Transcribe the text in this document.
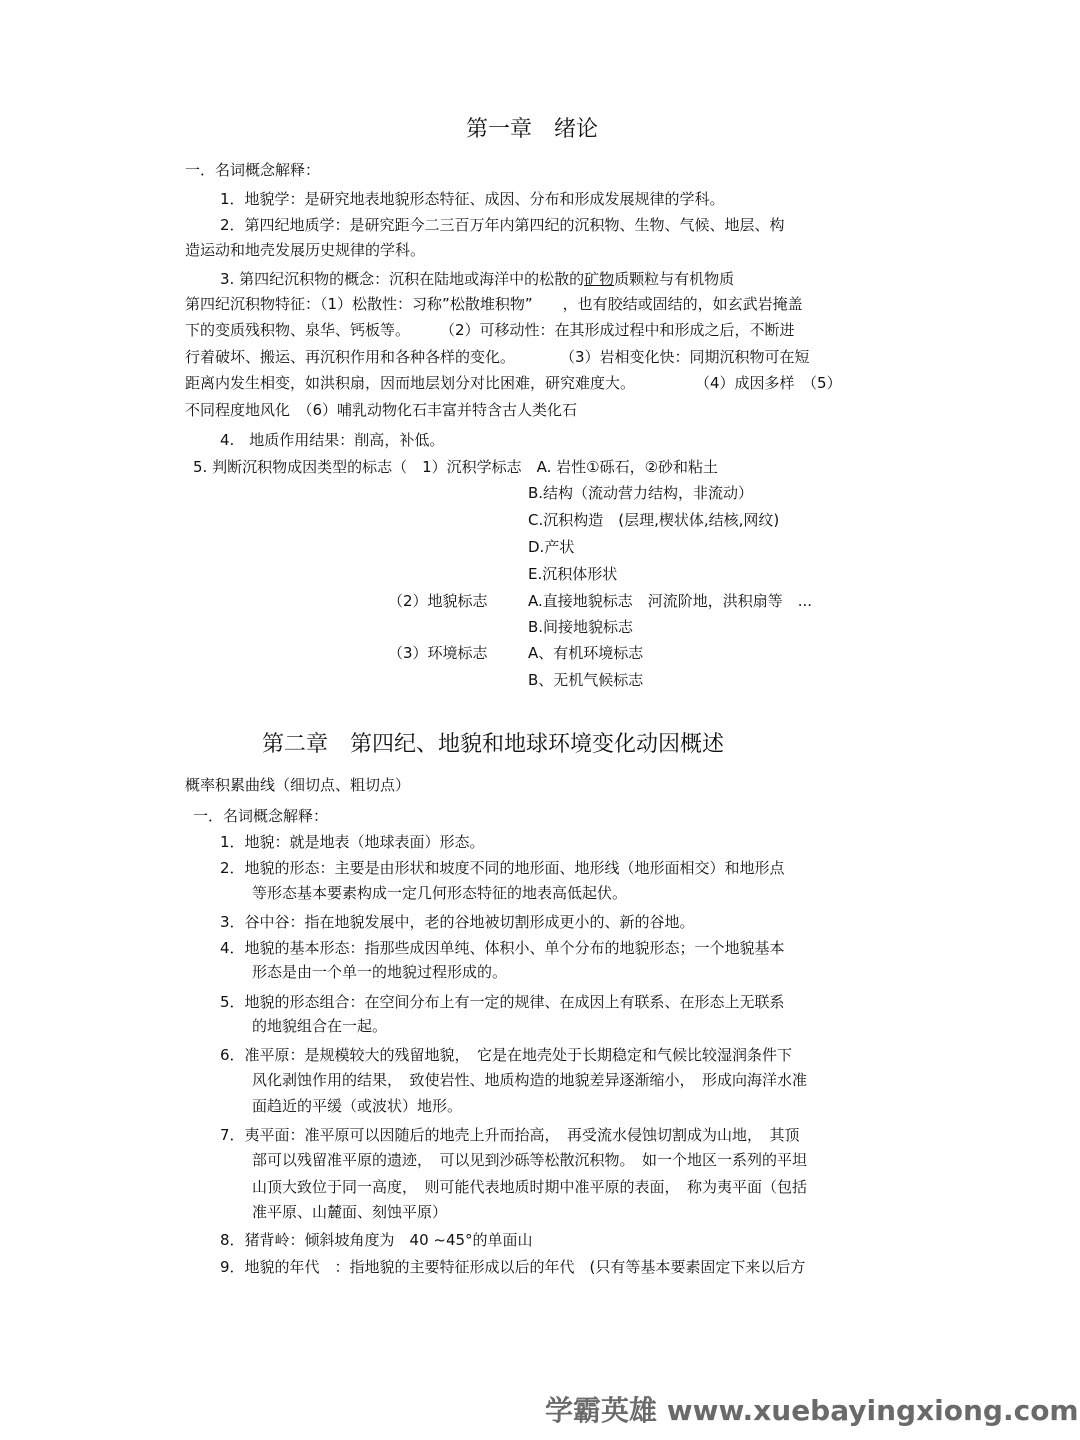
第一章　绪论
一．名词概念解释：
1．地貌学：是研究地表地貌形态特征、成因、分布和形成发展规律的学科。
2．第四纪地质学：是研究距今二三百万年内第四纪的沉积物、生物、气候、地层、构
造运动和地壳发展历史规律的学科。
3. 第四纪沉积物的概念：沉积在陆地或海洋中的松散的矿物质颗粒与有机物质
第四纪沉积物特征：（1）松散性：习称”松散堆积物”　　，也有胶结或固结的，如玄武岩掩盖
下的变质残积物、泉华、钙板等。　　　（2）可移动性：在其形成过程中和形成之后，不断进
行着破坏、搬运、再沉积作用和各种各样的变化。　　　　（3）岩相变化快：同期沉积物可在短
距离内发生相变，如洪积扇，因而地层划分对比困难，研究难度大。　　　　　（4）成因多样　（5）
不同程度地风化　（6）哺乳动物化石丰富并特含古人类化石
4.　地质作用结果：削高，补低。
5. 判断沉积物成因类型的标志（　1）沉积学标志　A. 岩性①砾石，②砂和粘土
B.结构（流动营力结构，非流动）
C.沉积构造　(层理,楔状体,结核,网纹)
D.产状
E.沉积体形状
（2）地貌标志	A.直接地貌标志　河流阶地，洪积扇等　...
B.间接地貌标志
（3）环境标志	A、有机环境标志
B、无机气候标志
第二章　第四纪、地貌和地球环境变化动因概述
概率积累曲线（细切点、粗切点）
一．名词概念解释：
1．地貌：就是地表（地球表面）形态。
2．地貌的形态：主要是由形状和坡度不同的地形面、地形线（地形面相交）和地形点
等形态基本要素构成一定几何形态特征的地表高低起伏。
3．谷中谷：指在地貌发展中，老的谷地被切割形成更小的、新的谷地。
4．地貌的基本形态：指那些成因单纯、体积小、单个分布的地貌形态；一个地貌基本
形态是由一个单一的地貌过程形成的。
5．地貌的形态组合：在空间分布上有一定的规律、在成因上有联系、在形态上无联系
的地貌组合在一起。
6．准平原：是规模较大的残留地貌，　它是在地壳处于长期稳定和气候比较湿润条件下
风化剥蚀作用的结果，　致使岩性、地质构造的地貌差异逐渐缩小，　形成向海洋水准
面趋近的平缓（或波状）地形。
7．夷平面：准平原可以因随后的地壳上升而抬高，　再受流水侵蚀切割成为山地，　其顶
部可以残留准平原的遗迹，　可以见到沙砾等松散沉积物。　如一个地区一系列的平坦
山顶大致位于同一高度，　则可能代表地质时期中准平原的表面，　称为夷平面（包括
准平原、山麓面、刻蚀平原）
8．猪背岭：倾斜坡角度为　40 ~45°的单面山
9．地貌的年代　：指地貌的主要特征形成以后的年代　(只有等基本要素固定下来以后方
学霸英雄 www.xuebayingxiong.com
